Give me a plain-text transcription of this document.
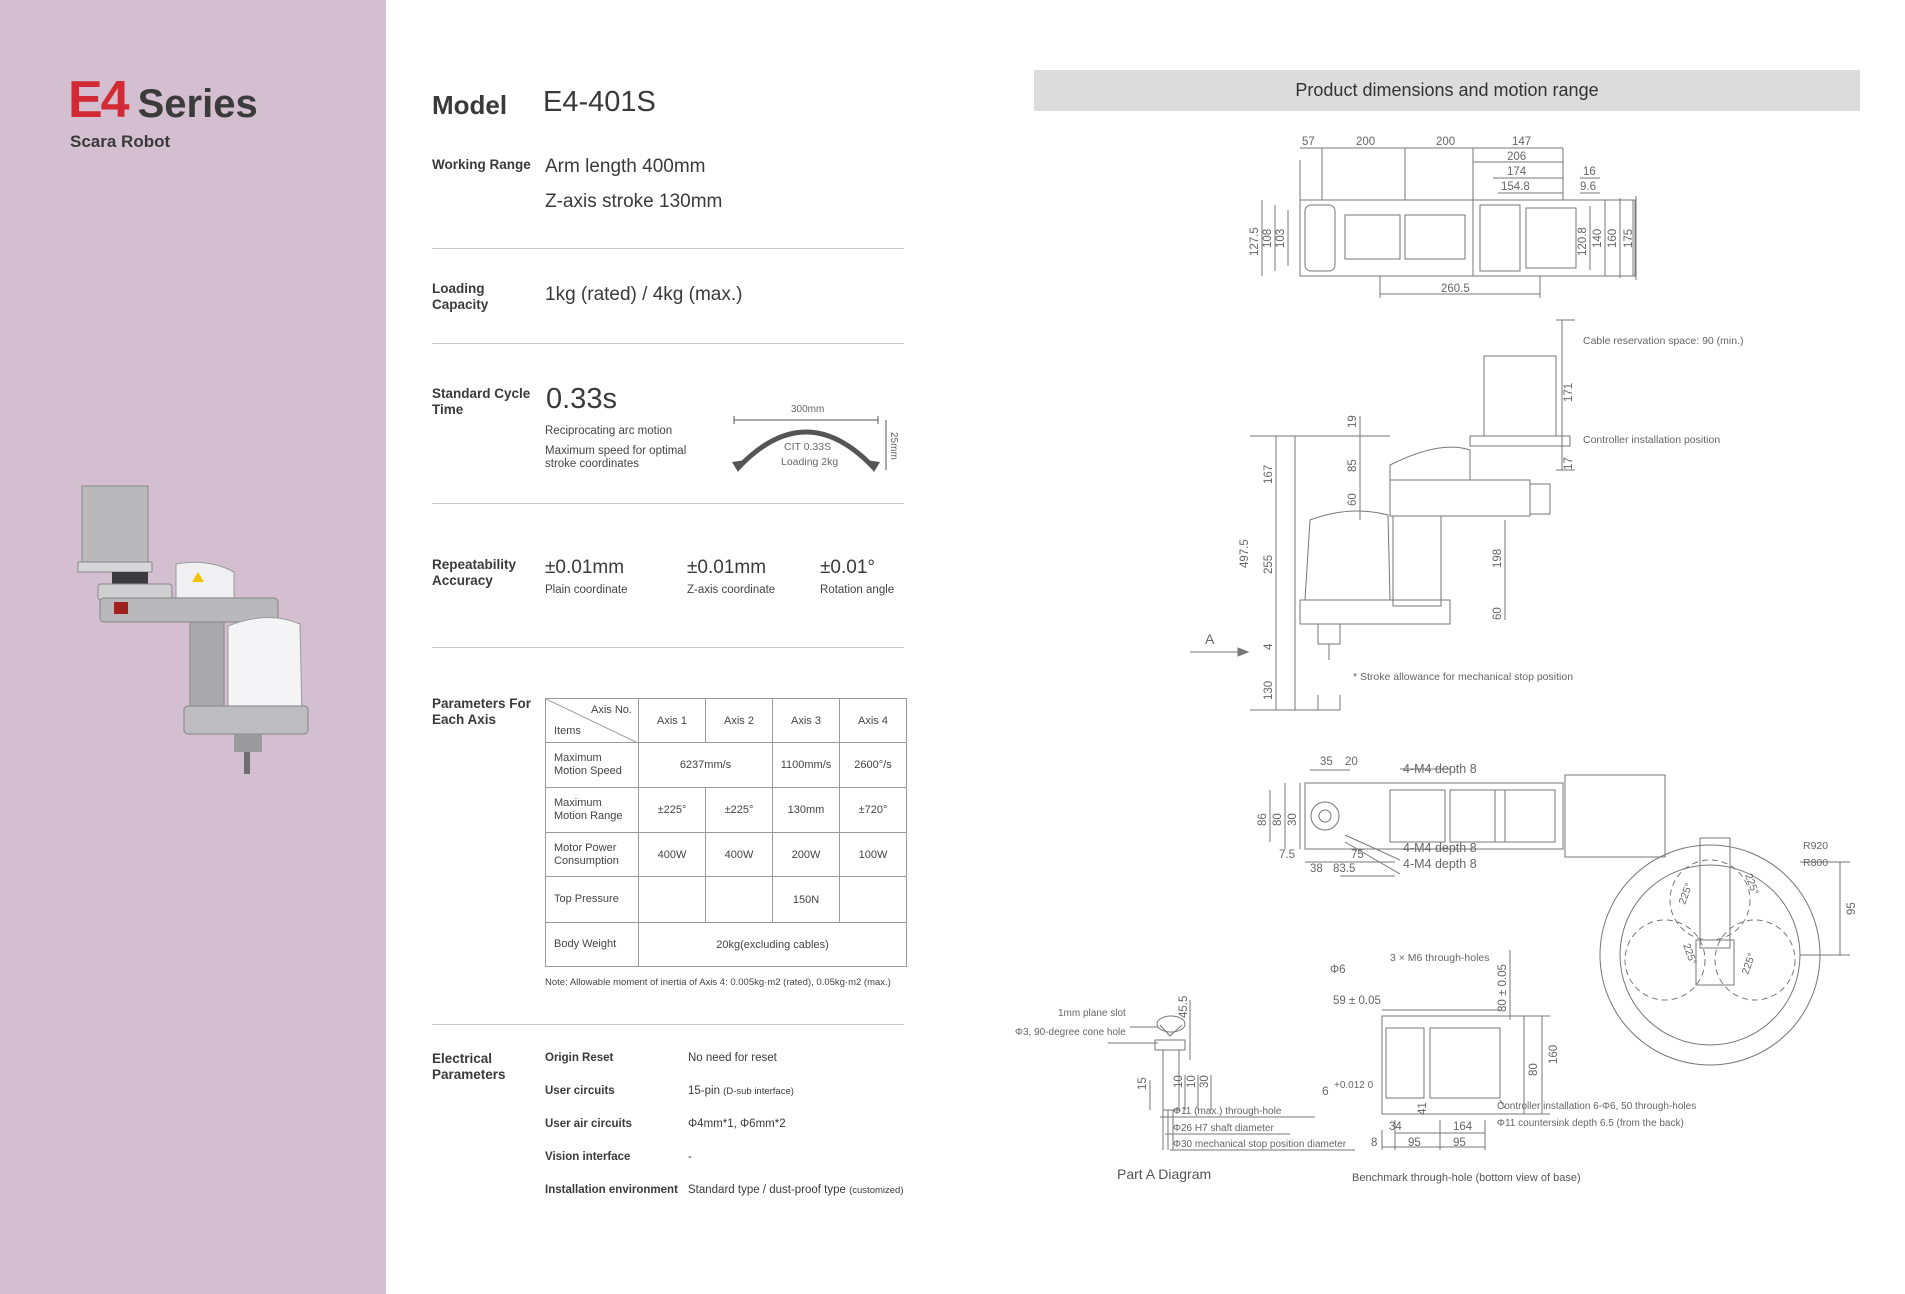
E4 Series
Scara Robot
Model E4-401S
Working Range Arm length 400mm
Z-axis stroke 130mm
Loading Capacity	1kg (rated) / 4kg (max.)
Standard Cycle Time	0.33s
Reciprocating arc motion
Maximum speed for optimal
stroke coordinates
300mm
25mm
CIT 0.33S
Loading 2kg
Repeatability Accuracy
±0.01mm
Plain coordinate
±0.01mm
Z-axis coordinate
±0.01°
Rotation angle
Parameters For Each Axis
Axis No.
Items	Axis 1	Axis 2	Axis 3	Axis 4
Maximum Motion Speed	6237mm/s		1100mm/s	2600°/s
Maximum Motion Range	±225°	±225°	130mm	±720°
Motor Power Consumption	400W	400W	200W	100W
Top Pressure			150N	
Body Weight	20kg(excluding cables)			
Note: Allowable moment of inertia of Axis 4: 0.005kg·m2 (rated), 0.05kg·m2 (max.)
Electrical Parameters
Origin Reset	No need for reset
User circuits	15-pin (D-sub interface)
User air circuits	Φ4mm*1, Φ6mm*2
Vision interface	-
Installation environment Standard type / dust-proof type (customized)
Product dimensions and motion range
57	200	200	147
206
174
154.8
16
9.6
127.5 108 103	120.8 140 160 175
260.5
Cable reservation space: 90 (min.)
Controller installation position
* Stroke allowance for mechanical stop position
171
17
19
85
60
167
497.5 255	198
60
4
130
A
35 20	4-M4 depth 8
4-M4 depth 8
4-M4 depth 8
86 80 30
7.5	75
38 83.5
R920
R800
95
225°	225°
225°	225°
1mm plane slot
Φ3, 90-degree cone hole
45.5
15 10 10 30
Φ11 (max.) through-hole
Φ26 H7 shaft diameter
Φ30 mechanical stop position diameter
Φ6
3 × M6 through-holes
59 ± 0.05	80 ± 0.05
80
160
6 +0.012 0
41
34	164
8	95	95
Controller installation 6-Φ6, 50 through-holes
Φ11 countersink depth 6.5 (from the back)
Part A Diagram	Benchmark through-hole (bottom view of base)
